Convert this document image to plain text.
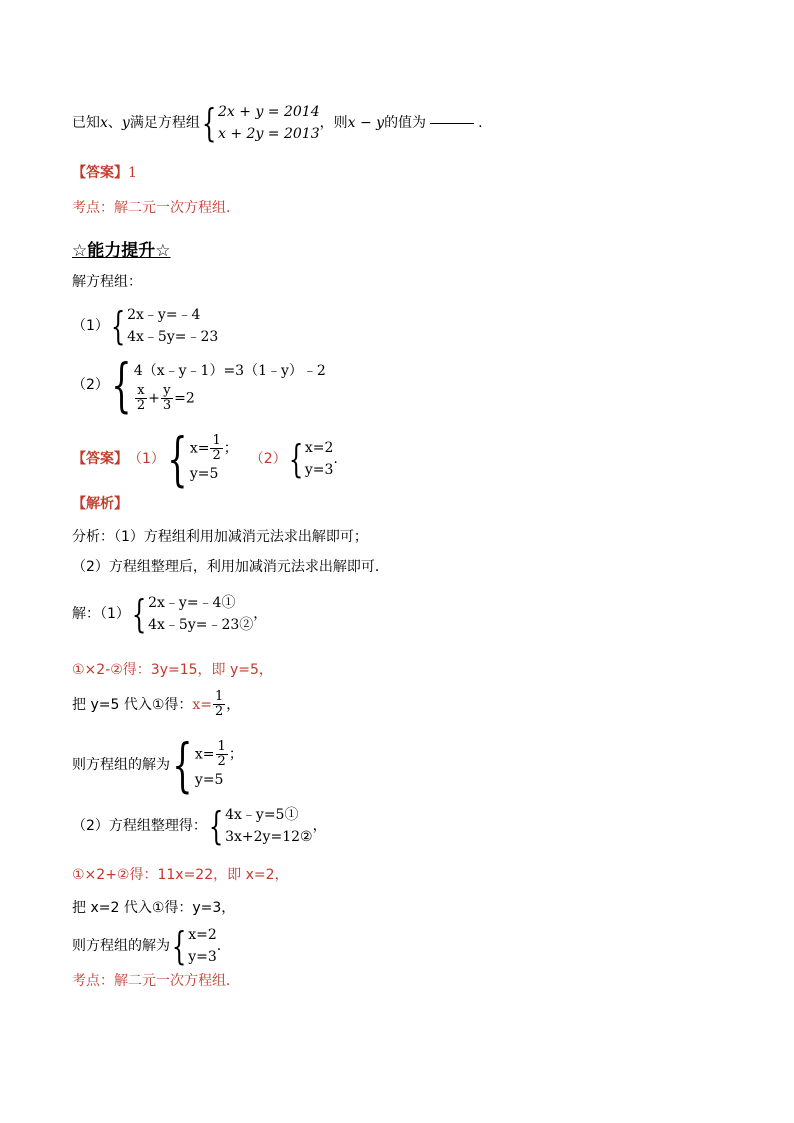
已知 x 、 y 满足方程组 { 2x + y = 2014
x + 2y = 2013
，则 x − y 的值为	.
【答案】1
考点：解二元一次方程组．
☆能力提升☆
解方程组：
（1） { 2x﹣y=﹣4
4x﹣5y=﹣23
（2） { 4（x﹣y﹣1）=3（1﹣y）﹣2
$\frac{x}{2} + \frac{y}{3} =2$
【答案】 （1） { $x= \frac{1}{2}$ ；
y=5
（2） { x=2
y=3
.
【解析】
分析：（1）方程组利用加减消元法求出解即可；
（2）方程组整理后，利用加减消元法求出解即可．
解：（1） { 2x﹣y=﹣4①
4x﹣5y=﹣23②
，
①×2-②得：3y=15，即 y=5，
把 y=5 代入①得： $x= \frac{1}{2}$ ，
则方程组的解为 { $x= \frac{1}{2}$ ；
y=5
（2）方程组整理得： { 4x﹣y=5①
3x+2y=12②
，
①×2+②得：11x=22，即 x=2，
把 x=2 代入①得：y=3，
则方程组的解为 { x=2
y=3
.
考点：解二元一次方程组．
